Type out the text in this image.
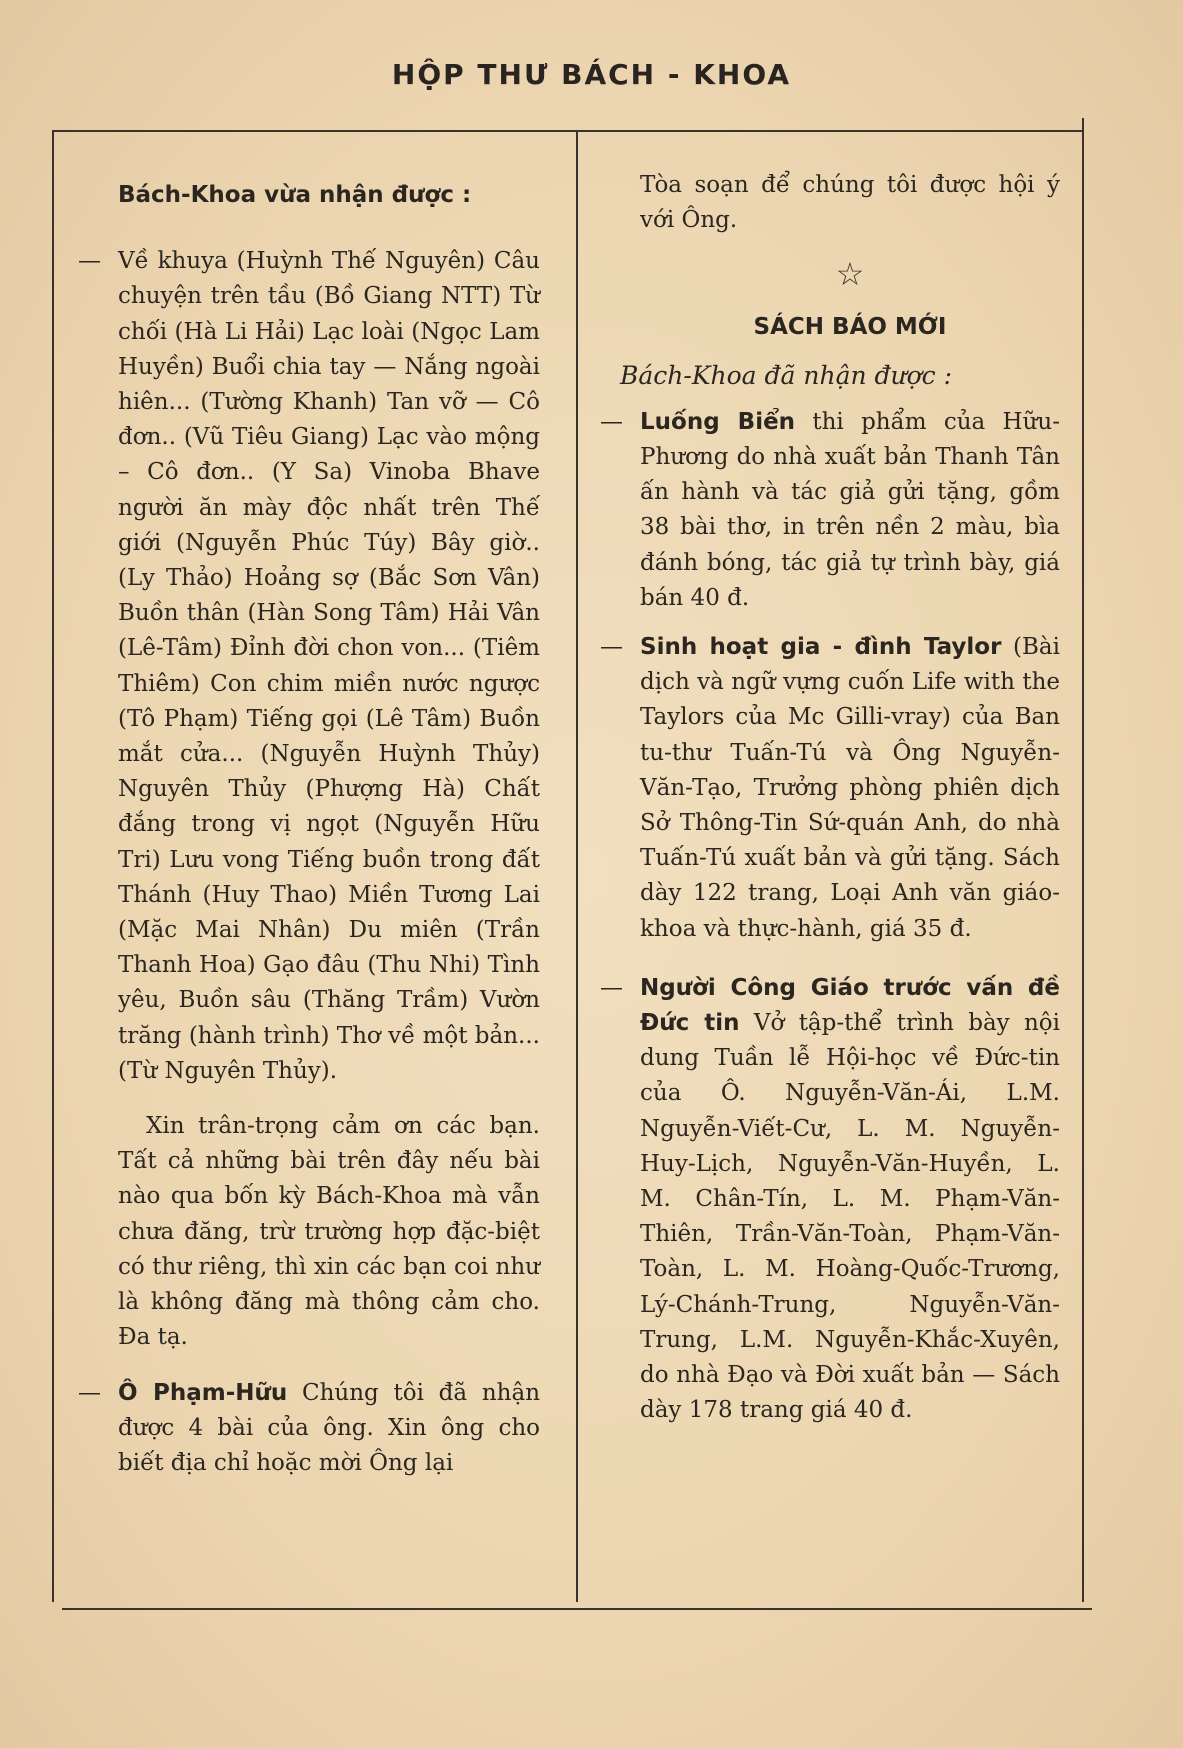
HỘP THƯ BÁCH - KHOA

Bách-Khoa vừa nhận được :

— Về khuya (Huỳnh Thế Nguyên) Câu chuyện trên tầu (Bồ Giang NTT) Từ chối (Hà Li Hải) Lạc loài (Ngọc Lam Huyền) Buổi chia tay — Nắng ngoài hiên... (Tường Khanh) Tan vỡ — Cô đơn.. (Vũ Tiêu Giang) Lạc vào mộng – Cô đơn.. (Y Sa) Vinoba Bhave người ăn mày độc nhất trên Thế giới (Nguyễn Phúc Túy) Bây giờ.. (Ly Thảo) Hoảng sợ (Bắc Sơn Vân) Buồn thân (Hàn Song Tâm) Hải Vân (Lê-Tâm) Đỉnh đời chon von... (Tiêm Thiêm) Con chim miền nước ngược (Tô Phạm) Tiếng gọi (Lê Tâm) Buồn mắt cửa... (Nguyễn Huỳnh Thủy) Nguyên Thủy (Phượng Hà) Chất đắng trong vị ngọt (Nguyễn Hữu Tri) Lưu vong Tiếng buồn trong đất Thánh (Huy Thao) Miền Tương Lai (Mặc Mai Nhân) Du miên (Trần Thanh Hoa) Gạo đâu (Thu Nhi) Tình yêu, Buồn sâu (Thăng Trầm) Vườn trăng (hành trình) Thơ về một bản... (Từ Nguyên Thủy).

Xin trân-trọng cảm ơn các bạn. Tất cả những bài trên đây nếu bài nào qua bốn kỳ Bách-Khoa mà vẫn chưa đăng, trừ trường hợp đặc-biệt có thư riêng, thì xin các bạn coi như là không đăng mà thông cảm cho. Đa tạ.

— Ô Phạm-Hữu Chúng tôi đã nhận được 4 bài của ông. Xin ông cho biết địa chỉ hoặc mời Ông lại

Tòa soạn để chúng tôi được hội ý với Ông.

☆

SÁCH BÁO MỚI

Bách-Khoa đã nhận được :

— Luống Biển thi phẩm của Hữu-Phương do nhà xuất bản Thanh Tân ấn hành và tác giả gửi tặng, gồm 38 bài thơ, in trên nền 2 màu, bìa đánh bóng, tác giả tự trình bày, giá bán 40 đ.

— Sinh hoạt gia - đình Taylor (Bài dịch và ngữ vựng cuốn Life with the Taylors của Mc Gilli-vray) của Ban tu-thư Tuấn-Tú và Ông Nguyễn-Văn-Tạo, Trưởng phòng phiên dịch Sở Thông-Tin Sứ-quán Anh, do nhà Tuấn-Tú xuất bản và gửi tặng. Sách dày 122 trang, Loại Anh văn giáo-khoa và thực-hành, giá 35 đ.

— Người Công Giáo trước vấn đề Đức tin Vở tập-thể trình bày nội dung Tuần lễ Hội-học về Đức-tin của Ô. Nguyễn-Văn-Ái, L.M. Nguyễn-Viết-Cư, L. M. Nguyễn-Huy-Lịch, Nguyễn-Văn-Huyền, L. M. Chân-Tín, L. M. Phạm-Văn-Thiên, Trần-Văn-Toàn, Phạm-Văn-Toàn, L. M. Hoàng-Quốc-Trương, Lý-Chánh-Trung, Nguyễn-Văn-Trung, L.M. Nguyễn-Khắc-Xuyên, do nhà Đạo và Đời xuất bản — Sách dày 178 trang giá 40 đ.
